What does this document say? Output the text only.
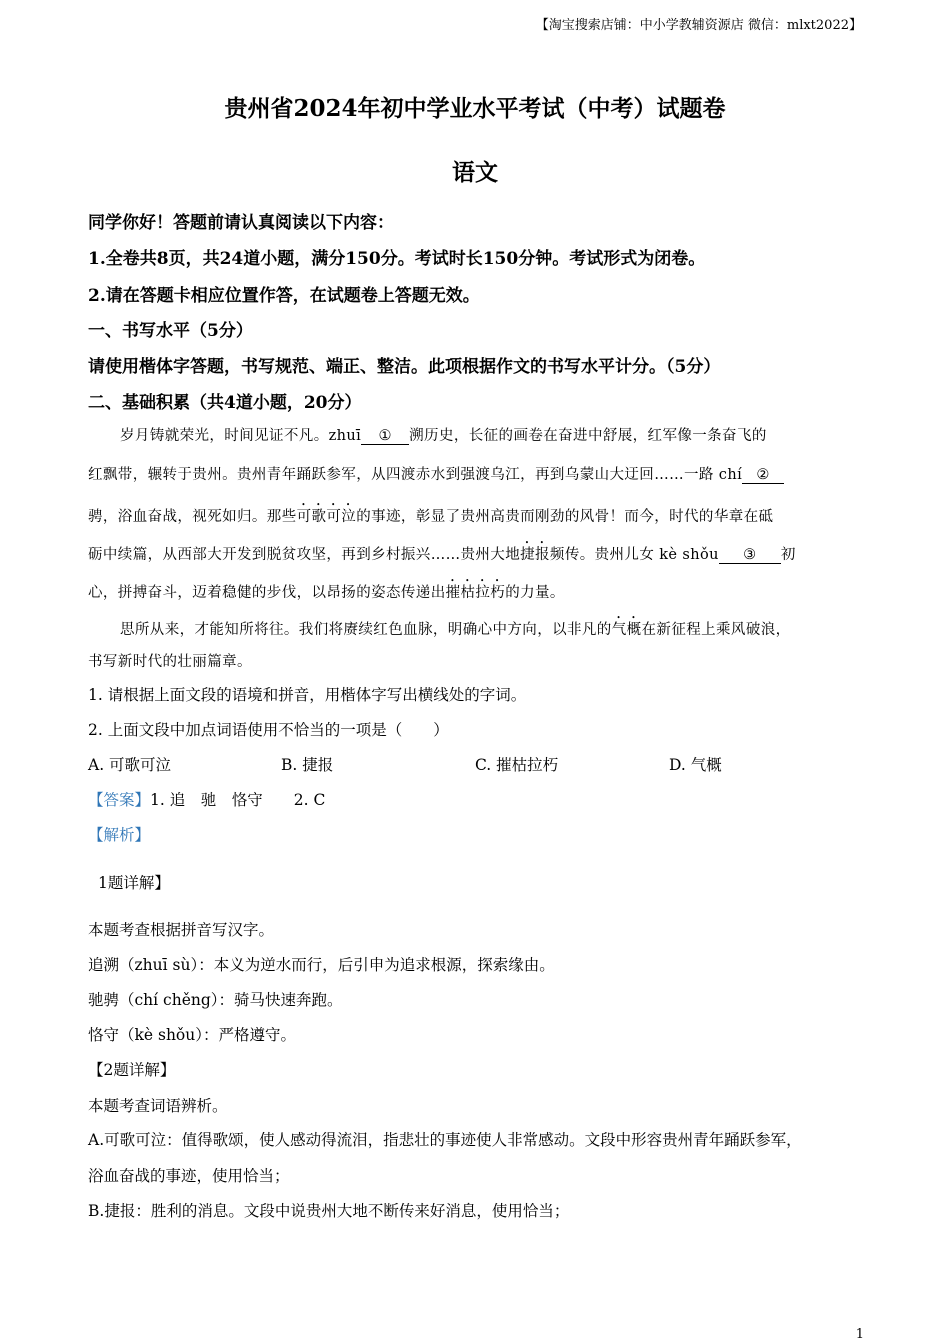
【淘宝搜索店铺：中小学教辅资源店 微信：mlxt2022】
贵州省2024年初中学业水平考试（中考）试题卷
语文
同学你好！答题前请认真阅读以下内容：
1.全卷共8页，共24道小题，满分150分。考试时长150分钟。考试形式为闭卷。
2.请在答题卡相应位置作答，在试题卷上答题无效。
一、书写水平（5分）
请使用楷体字答题，书写规范、端正、整洁。此项根据作文的书写水平计分。（5分）
二、基础积累（共4道小题，20分）
岁月铸就荣光，时间见证不凡。zhuī ① 溯历史，长征的画卷在奋进中舒展，红军像一条奋飞的
红飘带，辗转于贵州。贵州青年踊跃参军，从四渡赤水到强渡乌江，再到乌蒙山大迂回……一路 chí ②
骋，浴血奋战，视死如归。那些可歌可泣的事迹，彰显了贵州高贵而刚劲的风骨！而今，时代的华章在砥
砺中续篇，从西部大开发到脱贫攻坚，再到乡村振兴……贵州大地捷报频传。贵州儿女 kè shǒu ③ 初
心，拼搏奋斗，迈着稳健的步伐，以昂扬的姿态传递出摧枯拉朽的力量。
思所从来，才能知所将往。我们将赓续红色血脉，明确心中方向，以非凡的气概在新征程上乘风破浪，
书写新时代的壮丽篇章。
1. 请根据上面文段的语境和拼音，用楷体字写出横线处的字词。
2. 上面文段中加点词语使用不恰当的一项是（　　）
A. 可歌可泣	B. 捷报	C. 摧枯拉朽	D. 气概
【答案】1. 追　驰　恪守　　2. C
【解析】
1题详解】
本题考查根据拼音写汉字。
追溯（zhuī sù）：本义为逆水而行，后引申为追求根源，探索缘由。
驰骋（chí chěng）：骑马快速奔跑。
恪守（kè shǒu）：严格遵守。
【2题详解】
本题考查词语辨析。
A.可歌可泣：值得歌颂，使人感动得流泪，指悲壮的事迹使人非常感动。文段中形容贵州青年踊跃参军，
浴血奋战的事迹，使用恰当；
B.捷报：胜利的消息。文段中说贵州大地不断传来好消息，使用恰当；
1
